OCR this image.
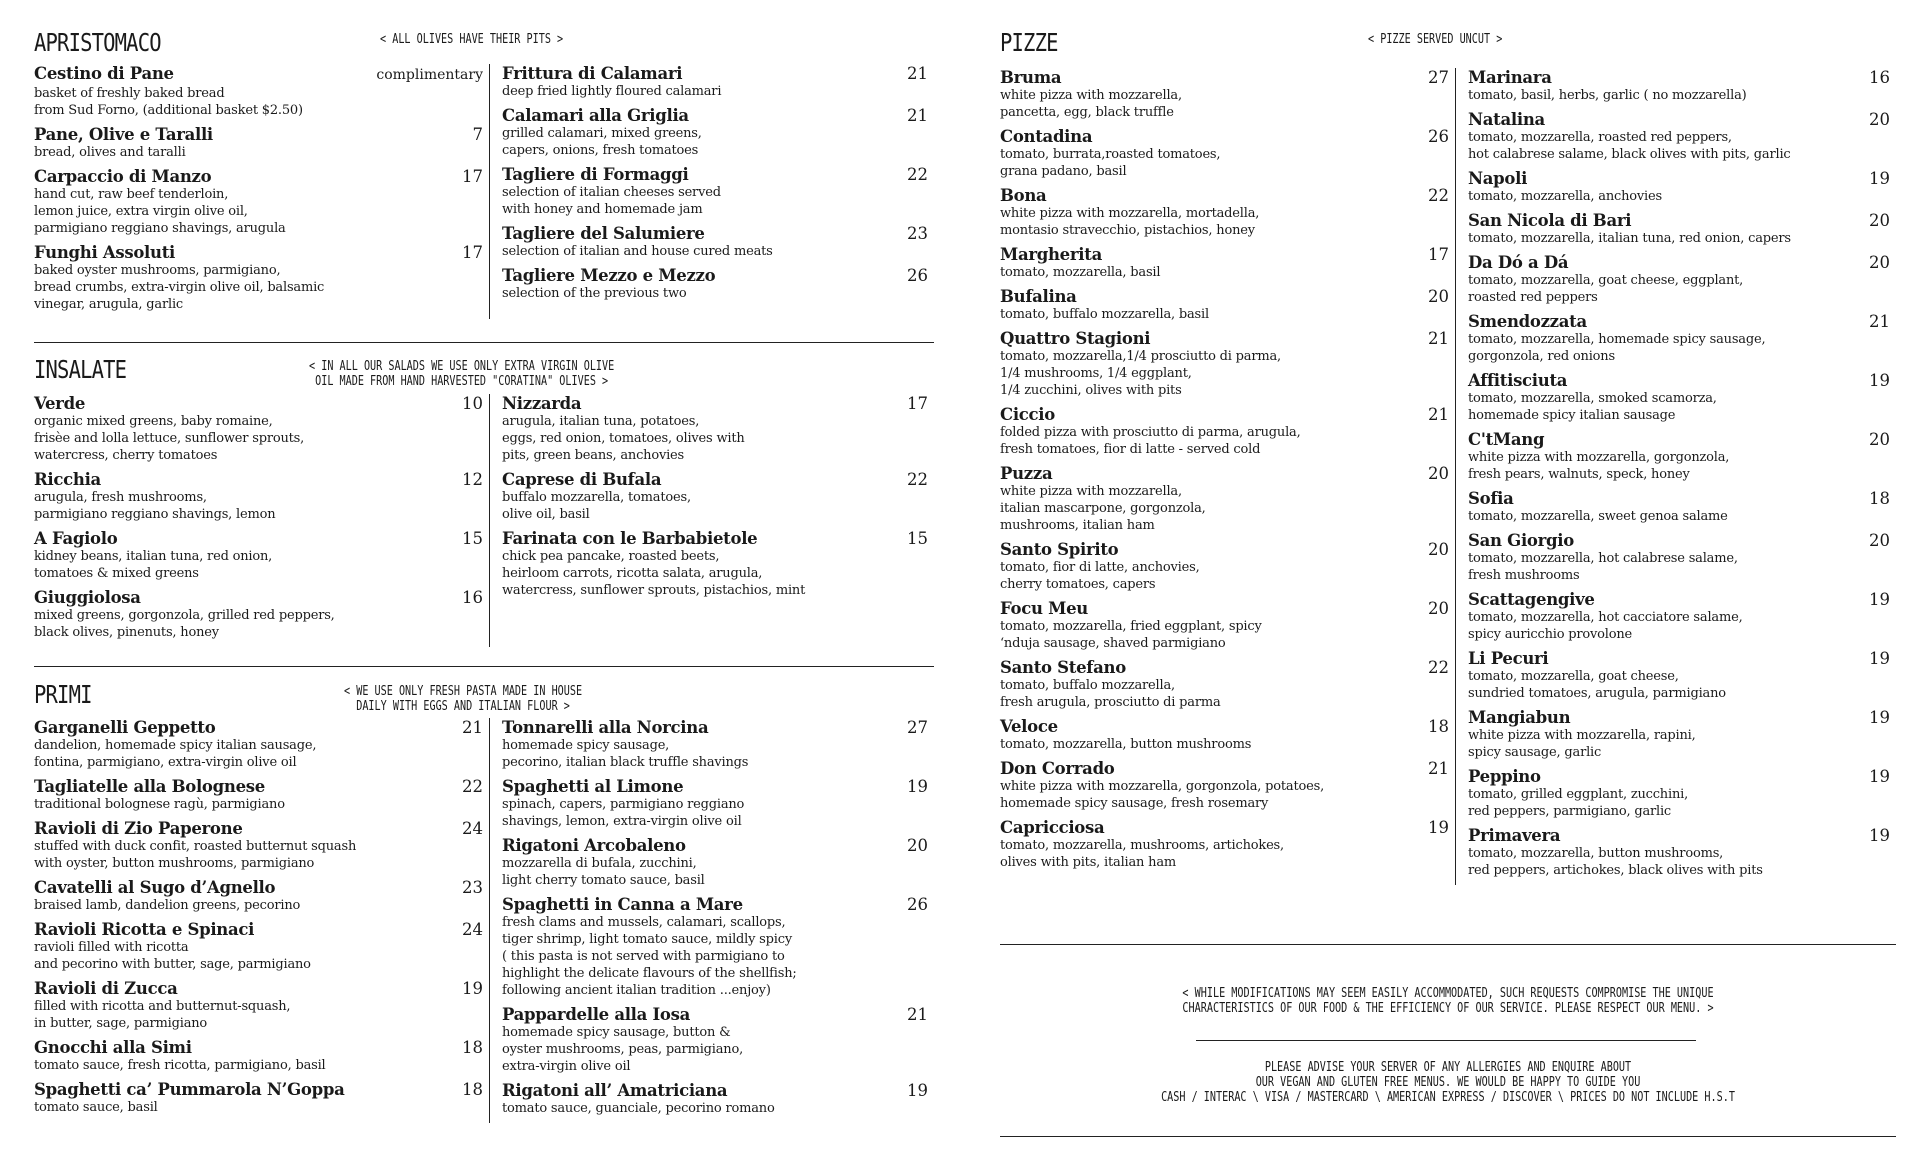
APRISTOMACO	< ALL OLIVES HAVE THEIR PITS >
Cestino di Pane	complimentary
basket of freshly baked bread
from Sud Forno, (additional basket $2.50)
Pane, Olive e Taralli	7
bread, olives and taralli
Carpaccio di Manzo	17
hand cut, raw beef tenderloin,
lemon juice, extra virgin olive oil,
parmigiano reggiano shavings, arugula
Funghi Assoluti	17
baked oyster mushrooms, parmigiano,
bread crumbs, extra-virgin olive oil, balsamic
vinegar, arugula, garlic
Frittura di Calamari	21
deep fried lightly floured calamari
Calamari alla Griglia	21
grilled calamari, mixed greens,
capers, onions, fresh tomatoes
Tagliere di Formaggi	22
selection of italian cheeses served
with honey and homemade jam
Tagliere del Salumiere	23
selection of italian and house cured meats
Tagliere Mezzo e Mezzo	26
selection of the previous two
INSALATE	< IN ALL OUR SALADS WE USE ONLY EXTRA VIRGIN OLIVE
OIL MADE FROM HAND HARVESTED "CORATINA" OLIVES >
Verde	10
organic mixed greens, baby romaine,
frisèe and lolla lettuce, sunflower sprouts,
watercress, cherry tomatoes
Ricchia	12
arugula, fresh mushrooms,
parmigiano reggiano shavings, lemon
A Fagiolo	15
kidney beans, italian tuna, red onion,
tomatoes & mixed greens
Giuggiolosa	16
mixed greens, gorgonzola, grilled red peppers,
black olives, pinenuts, honey
Nizzarda	17
arugula, italian tuna, potatoes,
eggs, red onion, tomatoes, olives with
pits, green beans, anchovies
Caprese di Bufala	22
buffalo mozzarella, tomatoes,
olive oil, basil
Farinata con le Barbabietole	15
chick pea pancake, roasted beets,
heirloom carrots, ricotta salata, arugula,
watercress, sunflower sprouts, pistachios, mint
PRIMI	< WE USE ONLY FRESH PASTA MADE IN HOUSE
DAILY WITH EGGS AND ITALIAN FLOUR >
Garganelli Geppetto	21
dandelion, homemade spicy italian sausage,
fontina, parmigiano, extra-virgin olive oil
Tagliatelle alla Bolognese	22
traditional bolognese ragù, parmigiano
Ravioli di Zio Paperone	24
stuffed with duck confit, roasted butternut squash
with oyster, button mushrooms, parmigiano
Cavatelli al Sugo d’Agnello	23
braised lamb, dandelion greens, pecorino
Ravioli Ricotta e Spinaci	24
ravioli filled with ricotta
and pecorino with butter, sage, parmigiano
Ravioli di Zucca	19
filled with ricotta and butternut-squash,
in butter, sage, parmigiano
Gnocchi alla Simi	18
tomato sauce, fresh ricotta, parmigiano, basil
Spaghetti ca’ Pummarola N’Goppa	18
tomato sauce, basil
Tonnarelli alla Norcina	27
homemade spicy sausage,
pecorino, italian black truffle shavings
Spaghetti al Limone	19
spinach, capers, parmigiano reggiano
shavings, lemon, extra-virgin olive oil
Rigatoni Arcobaleno	20
mozzarella di bufala, zucchini,
light cherry tomato sauce, basil
Spaghetti in Canna a Mare	26
fresh clams and mussels, calamari, scallops,
tiger shrimp, light tomato sauce, mildly spicy
( this pasta is not served with parmigiano to
highlight the delicate flavours of the shellfish;
following ancient italian tradition ...enjoy)
Pappardelle alla Iosa	21
homemade spicy sausage, button &
oyster mushrooms, peas, parmigiano,
extra-virgin olive oil
Rigatoni all’ Amatriciana	19
tomato sauce, guanciale, pecorino romano
PIZZE	< PIZZE SERVED UNCUT >
Bruma	27
white pizza with mozzarella,
pancetta, egg, black truffle
Contadina	26
tomato, burrata,roasted tomatoes,
grana padano, basil
Bona	22
white pizza with mozzarella, mortadella,
montasio stravecchio, pistachios, honey
Margherita	17
tomato, mozzarella, basil
Bufalina	20
tomato, buffalo mozzarella, basil
Quattro Stagioni	21
tomato, mozzarella,1/4 prosciutto di parma,
1/4 mushrooms, 1/4 eggplant,
1/4 zucchini, olives with pits
Ciccio	21
folded pizza with prosciutto di parma, arugula,
fresh tomatoes, fior di latte - served cold
Puzza	20
white pizza with mozzarella,
italian mascarpone, gorgonzola,
mushrooms, italian ham
Santo Spirito	20
tomato, fior di latte, anchovies,
cherry tomatoes, capers
Focu Meu	20
tomato, mozzarella, fried eggplant, spicy
‘nduja sausage, shaved parmigiano
Santo Stefano	22
tomato, buffalo mozzarella,
fresh arugula, prosciutto di parma
Veloce	18
tomato, mozzarella, button mushrooms
Don Corrado	21
white pizza with mozzarella, gorgonzola, potatoes,
homemade spicy sausage, fresh rosemary
Capricciosa	19
tomato, mozzarella, mushrooms, artichokes,
olives with pits, italian ham
Marinara	16
tomato, basil, herbs, garlic ( no mozzarella)
Natalina	20
tomato, mozzarella, roasted red peppers,
hot calabrese salame, black olives with pits, garlic
Napoli	19
tomato, mozzarella, anchovies
San Nicola di Bari	20
tomato, mozzarella, italian tuna, red onion, capers
Da Dó a Dá	20
tomato, mozzarella, goat cheese, eggplant,
roasted red peppers
Smendozzata	21
tomato, mozzarella, homemade spicy sausage,
gorgonzola, red onions
Affitisciuta	19
tomato, mozzarella, smoked scamorza,
homemade spicy italian sausage
C'tMang	20
white pizza with mozzarella, gorgonzola,
fresh pears, walnuts, speck, honey
Sofia	18
tomato, mozzarella, sweet genoa salame
San Giorgio	20
tomato, mozzarella, hot calabrese salame,
fresh mushrooms
Scattagengive	19
tomato, mozzarella, hot cacciatore salame,
spicy auricchio provolone
Li Pecuri	19
tomato, mozzarella, goat cheese,
sundried tomatoes, arugula, parmigiano
Mangiabun	19
white pizza with mozzarella, rapini,
spicy sausage, garlic
Peppino	19
tomato, grilled eggplant, zucchini,
red peppers, parmigiano, garlic
Primavera	19
tomato, mozzarella, button mushrooms,
red peppers, artichokes, black olives with pits
< WHILE MODIFICATIONS MAY SEEM EASILY ACCOMMODATED, SUCH REQUESTS COMPROMISE THE UNIQUE
CHARACTERISTICS OF OUR FOOD & THE EFFICIENCY OF OUR SERVICE. PLEASE RESPECT OUR MENU. >
PLEASE ADVISE YOUR SERVER OF ANY ALLERGIES AND ENQUIRE ABOUT
OUR VEGAN AND GLUTEN FREE MENUS. WE WOULD BE HAPPY TO GUIDE YOU
CASH / INTERAC \ VISA / MASTERCARD \ AMERICAN EXPRESS / DISCOVER \ PRICES DO NOT INCLUDE H.S.T
